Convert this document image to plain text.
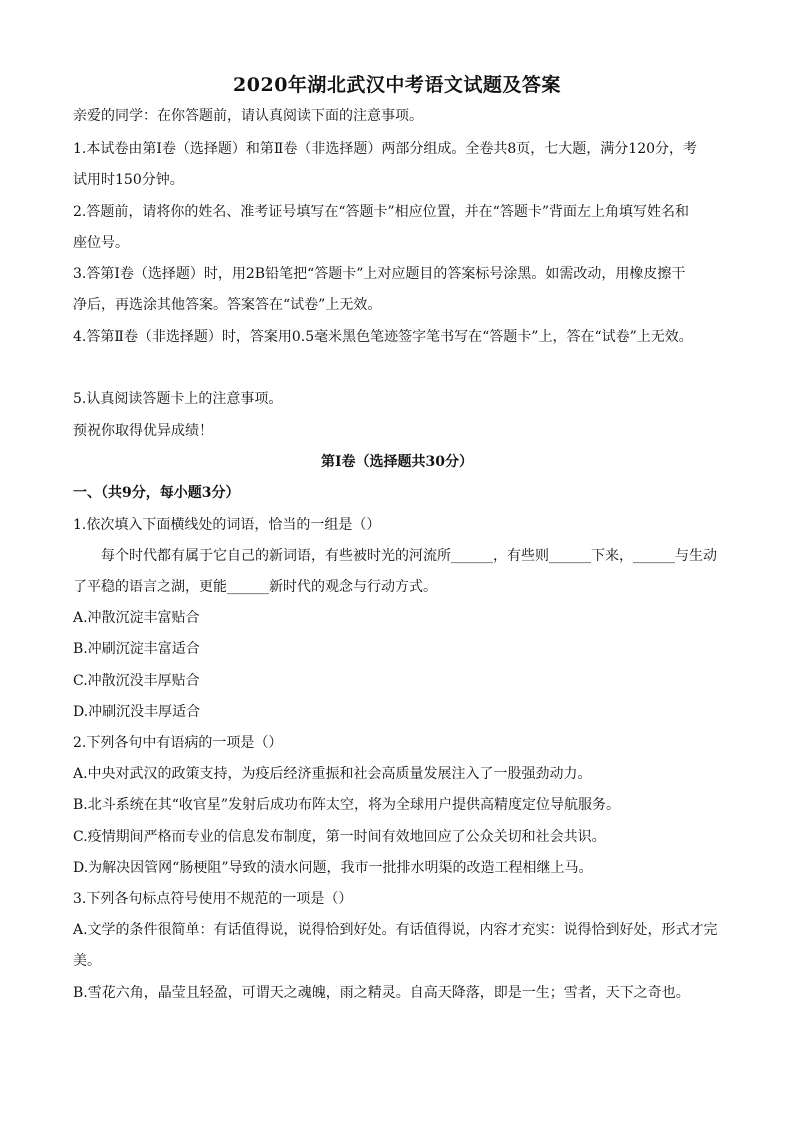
2020年湖北武汉中考语文试题及答案
亲爱的同学：在你答题前，请认真阅读下面的注意事项。
1.本试卷由第Ⅰ卷（选择题）和第Ⅱ卷（非选择题）两部分组成。全卷共8页，七大题，满分120分，考
试用时150分钟。
2.答题前，请将你的姓名、准考证号填写在“答题卡”相应位置，并在“答题卡”背面左上角填写姓名和
座位号。
3.答第Ⅰ卷（选择题）时，用2B铅笔把“答题卡”上对应题目的答案标号涂黑。如需改动，用橡皮擦干
净后，再选涂其他答案。答案答在“试卷”上无效。
4.答第Ⅱ卷（非选择题）时，答案用0.5毫米黑色笔迹签字笔书写在“答题卡”上，答在“试卷”上无效。
5.认真阅读答题卡上的注意事项。
预祝你取得优异成绩！
第Ⅰ卷（选择题共30分）
一、（共9分，每小题3分）
1.依次填入下面横线处的词语，恰当的一组是（）
每个时代都有属于它自己的新词语，有些被时光的河流所______，有些则______下来，______与生动
了平稳的语言之湖，更能______新时代的观念与行动方式。
A.冲散沉淀丰富贴合
B.冲刷沉淀丰富适合
C.冲散沉没丰厚贴合
D.冲刷沉没丰厚适合
2.下列各句中有语病的一项是（）
A.中央对武汉的政策支持，为疫后经济重振和社会高质量发展注入了一股强劲动力。
B.北斗系统在其“收官星”发射后成功布阵太空，将为全球用户提供高精度定位导航服务。
C.疫情期间严格而专业的信息发布制度，第一时间有效地回应了公众关切和社会共识。
D.为解决因管网“肠梗阻”导致的渍水问题，我市一批排水明渠的改造工程相继上马。
3.下列各句标点符号使用不规范的一项是（）
A.文学的条件很简单：有话值得说，说得恰到好处。有话值得说，内容才充实：说得恰到好处，形式才完
美。
B.雪花六角，晶莹且轻盈，可谓天之魂魄，雨之精灵。自高天降落，即是一生；雪者，天下之奇也。
